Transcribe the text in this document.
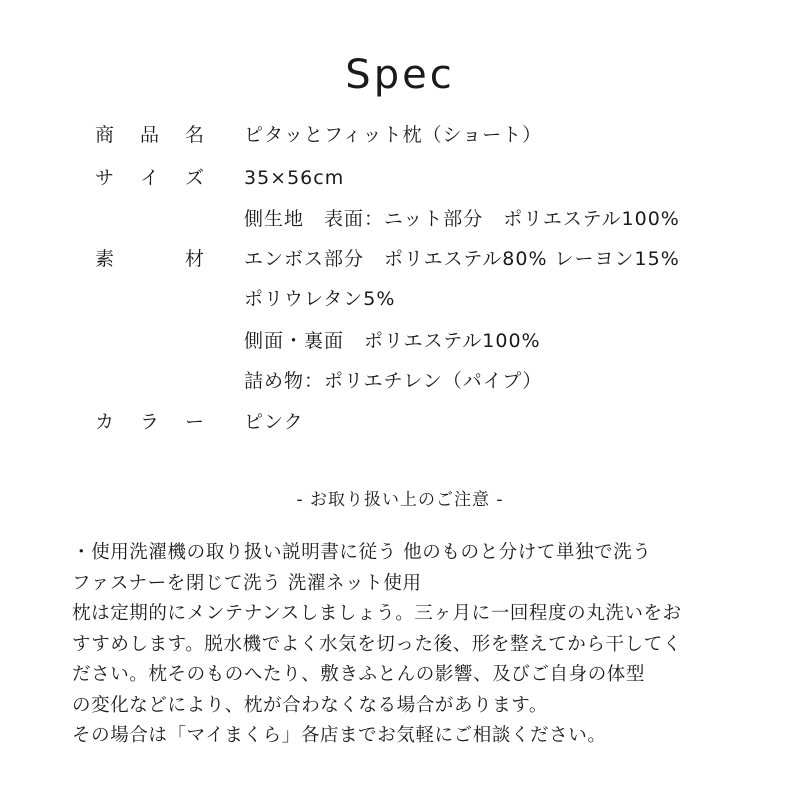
Spec
商 品 名 ピタッとフィット枕（ショート）
サ イ ズ 35×56cm
側生地　表面：ニット部分　ポリエステル100%
素	材 エンボス部分　ポリエステル80% レーヨン15%
ポリウレタン5%
側面・裏面　ポリエステル100%
詰め物：ポリエチレン（パイプ）
カ ラ ー ピンク
- お取り扱い上のご注意 -
・使用洗濯機の取り扱い説明書に従う 他のものと分けて単独で洗う
ファスナーを閉じて洗う 洗濯ネット使用
枕は定期的にメンテナンスしましょう。三ヶ月に一回程度の丸洗いをお
すすめします。脱水機でよく水気を切った後、形を整えてから干してく
ださい。枕そのものへたり、敷きふとんの影響、及びご自身の体型
の変化などにより、枕が合わなくなる場合があります。
その場合は「マイまくら」各店までお気軽にご相談ください。
